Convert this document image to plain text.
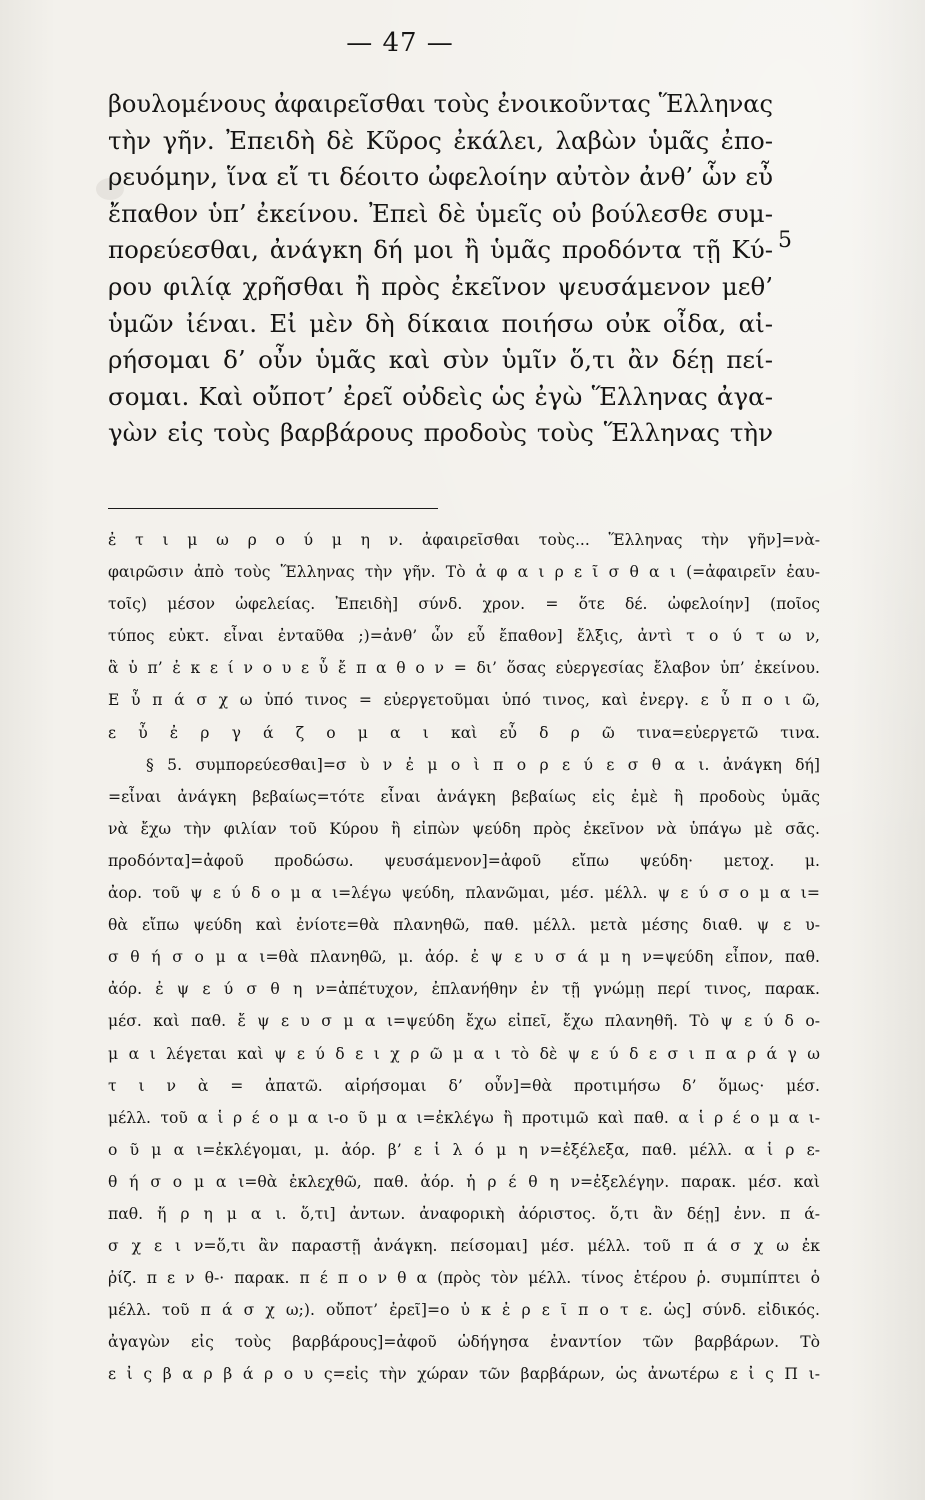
— 47 —
βουλομένους ἀφαιρεῖσθαι τοὺς ἐνοικοῦντας Ἕλληνας
τὴν γῆν. Ἐπειδὴ δὲ Κῦρος ἐκάλει, λαβὼν ὑμᾶς ἐπο-
ρευόμην, ἵνα εἴ τι δέοιτο ὠφελοίην αὐτὸν ἀνθ’ ὧν εὖ
ἔπαθον ὑπ’ ἐκείνου. Ἐπεὶ δὲ ὑμεῖς οὐ βούλεσθε συμ-
πορεύεσθαι, ἀνάγκη δή μοι ἢ ὑμᾶς προδόντα τῇ Κύ-
ρου φιλίᾳ χρῆσθαι ἢ πρὸς ἐκεῖνον ψευσάμενον μεθ’
ὑμῶν ἰέναι. Εἰ μὲν δὴ δίκαια ποιήσω οὐκ οἶδα, αἱ-
ρήσομαι δ’ οὖν ὑμᾶς καὶ σὺν ὑμῖν ὅ,τι ἂν δέῃ πεί-
σομαι. Καὶ οὔποτ’ ἐρεῖ οὐδεὶς ὡς ἐγὼ Ἕλληνας ἀγα-
γὼν εἰς τοὺς βαρβάρους προδοὺς τοὺς Ἕλληνας τὴν
5
ἐ τ ι μ ω ρ ο ύ μ η ν. ἀφαιρεῖσθαι τοὺς... Ἕλληνας τὴν γῆν]=νὰ-
φαιρῶσιν ἀπὸ τοὺς Ἕλληνας τὴν γῆν. Τὸ ἀ φ α ι ρ ε ῖ σ θ α ι (=ἀφαιρεῖν ἑαυ-
τοῖς) μέσον ὠφελείας. Ἐπειδὴ] σύνδ. χρον. = ὅτε δέ. ὠφελοίην] (ποῖος
τύπος εὐκτ. εἶναι ἐνταῦθα ;)=ἀνθ’ ὧν εὖ ἔπαθον] ἔλξις, ἀντὶ τ ο ύ τ ω ν,
ἃ ὑ π’ ἐ κ ε ί ν ο υ ε ὖ ἔ π α θ ο ν = δι’ ὅσας εὐεργεσίας ἔλαβον ὑπ’ ἐκείνου.
Ε ὖ π ά σ χ ω ὑπό τινος = εὐεργετοῦμαι ὑπό τινος, καὶ ἐνεργ. ε ὖ π ο ι ῶ,
ε ὖ ἐ ρ γ ά ζ ο μ α ι καὶ εὖ δ ρ ῶ τινα=εὐεργετῶ τινα.
§ 5. συμπορεύεσθαι]=σ ὺ ν ἐ μ ο ὶ π ο ρ ε ύ ε σ θ α ι. ἀνάγκη δή]
=εἶναι ἀνάγκη βεβαίως=τότε εἶναι ἀνάγκη βεβαίως εἰς ἐμὲ ἢ προδοὺς ὑμᾶς
νὰ ἔχω τὴν φιλίαν τοῦ Κύρου ἢ εἰπὼν ψεύδη πρὸς ἐκεῖνον νὰ ὑπάγω μὲ σᾶς.
προδόντα]=ἀφοῦ προδώσω. ψευσάμενον]=ἀφοῦ εἴπω ψεύδη· μετοχ. μ.
ἀορ. τοῦ ψ ε ύ δ ο μ α ι=λέγω ψεύδη, πλανῶμαι, μέσ. μέλλ. ψ ε ύ σ ο μ α ι=
θὰ εἴπω ψεύδη καὶ ἐνίοτε=θὰ πλανηθῶ, παθ. μέλλ. μετὰ μέσης διαθ. ψ ε υ-
σ θ ή σ ο μ α ι=θὰ πλανηθῶ, μ. ἀόρ. ἐ ψ ε υ σ ά μ η ν=ψεύδη εἶπον, παθ.
ἀόρ. ἐ ψ ε ύ σ θ η ν=ἀπέτυχον, ἐπλανήθην ἐν τῇ γνώμῃ περί τινος, παρακ.
μέσ. καὶ παθ. ἔ ψ ε υ σ μ α ι=ψεύδη ἔχω εἰπεῖ, ἔχω πλανηθῆ. Τὸ ψ ε ύ δ ο-
μ α ι λέγεται καὶ ψ ε ύ δ ε ι χ ρ ῶ μ α ι τὸ δὲ ψ ε ύ δ ε σ ι π α ρ ά γ ω
τ ι ν ὰ = ἀπατῶ. αἱρήσομαι δ’ οὖν]=θὰ προτιμήσω δ’ ὅμως· μέσ.
μέλλ. τοῦ α ἱ ρ έ ο μ α ι-ο ῦ μ α ι=ἐκλέγω ἢ προτιμῶ καὶ παθ. α ἱ ρ έ ο μ α ι-
ο ῦ μ α ι=ἐκλέγομαι, μ. ἀόρ. β’ ε ἱ λ ό μ η ν=ἐξέλεξα, παθ. μέλλ. α ἱ ρ ε-
θ ή σ ο μ α ι=θὰ ἐκλεχθῶ, παθ. ἀόρ. ἡ ρ έ θ η ν=ἐξελέγην. παρακ. μέσ. καὶ
παθ. ἥ ρ η μ α ι. ὅ,τι] ἀντων. ἀναφορικὴ ἀόριστος. ὅ,τι ἂν δέῃ] ἐνν. π ά-
σ χ ε ι ν=ὅ,τι ἂν παραστῇ ἀνάγκη. πείσομαι] μέσ. μέλλ. τοῦ π ά σ χ ω ἐκ
ῥίζ. π ε ν θ-· παρακ. π έ π ο ν θ α (πρὸς τὸν μέλλ. τίνος ἑτέρου ῥ. συμπίπτει ὁ
μέλλ. τοῦ π ά σ χ ω;). οὔποτ’ ἐρεῖ]=ο ὐ κ ἐ ρ ε ῖ π ο τ ε. ὡς] σύνδ. εἰδικός.
ἀγαγὼν εἰς τοὺς βαρβάρους]=ἀφοῦ ὡδήγησα ἐναντίον τῶν βαρβάρων. Τὸ
ε ἰ ς β α ρ β ά ρ ο υ ς=εἰς τὴν χώραν τῶν βαρβάρων, ὡς ἀνωτέρω ε ἰ ς Π ι-
